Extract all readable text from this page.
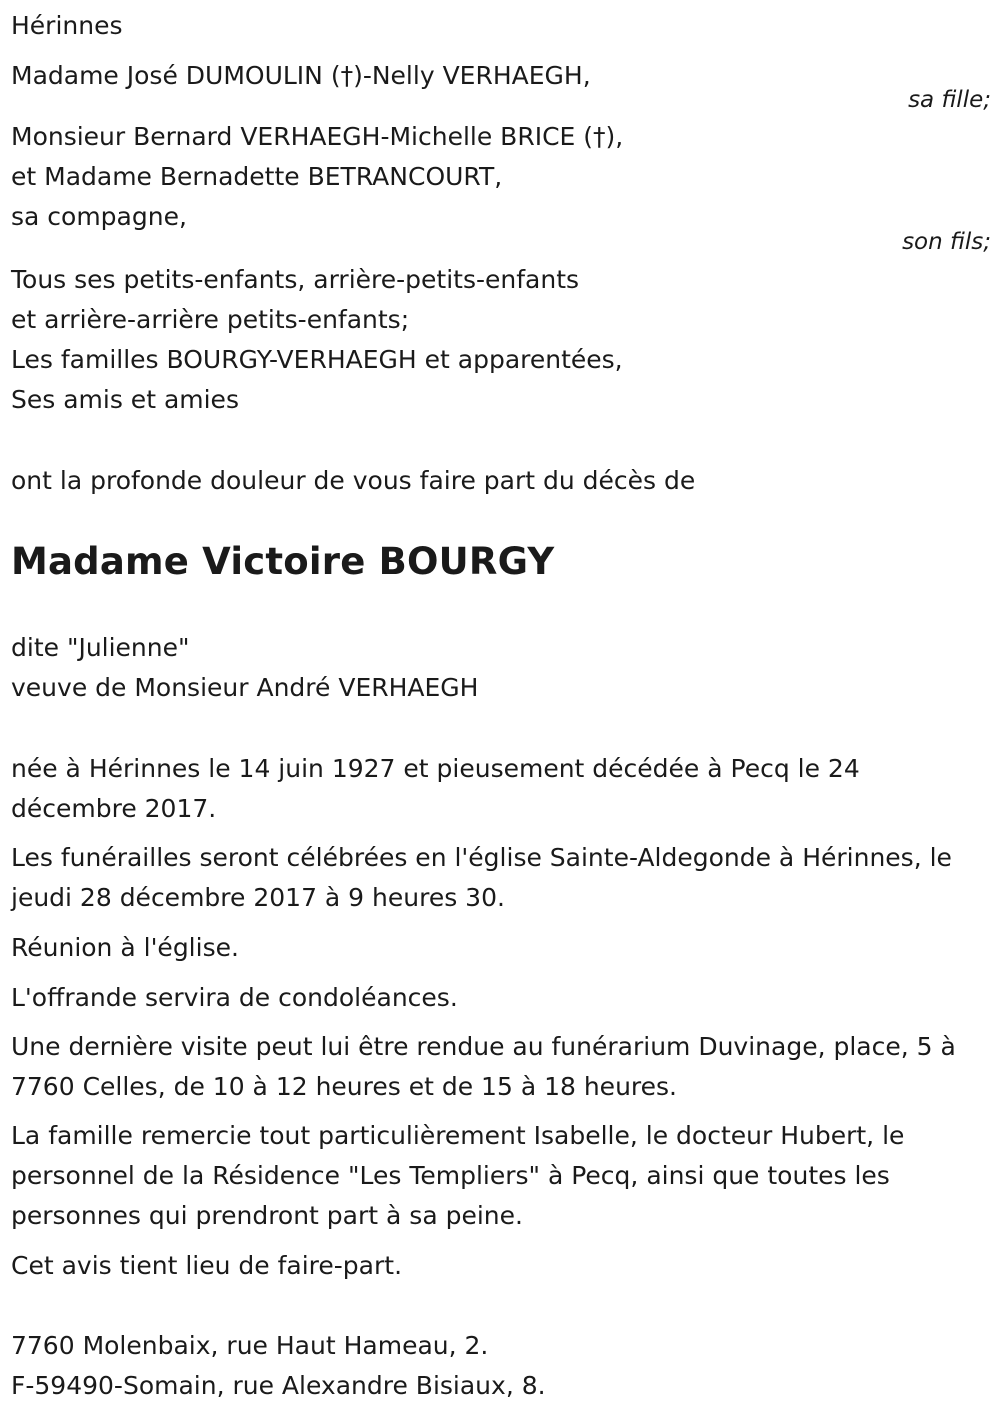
Hérinnes
Madame José DUMOULIN (†)-Nelly VERHAEGH,
sa fille;
Monsieur Bernard VERHAEGH-Michelle BRICE (†),
et Madame Bernadette BETRANCOURT,
sa compagne,
son fils;
Tous ses petits-enfants, arrière-petits-enfants
et arrière-arrière petits-enfants;
Les familles BOURGY-VERHAEGH et apparentées,
Ses amis et amies
ont la profonde douleur de vous faire part du décès de
Madame Victoire BOURGY
dite "Julienne"
veuve de Monsieur André VERHAEGH
née à Hérinnes le 14 juin 1927 et pieusement décédée à Pecq le 24 décembre 2017.
Les funérailles seront célébrées en l'église Sainte-Aldegonde à Hérinnes, le jeudi 28 décembre 2017 à 9 heures 30.
Réunion à l'église.
L'offrande servira de condoléances.
Une dernière visite peut lui être rendue au funérarium Duvinage, place, 5 à 7760 Celles, de 10 à 12 heures et de 15 à 18 heures.
La famille remercie tout particulièrement Isabelle, le docteur Hubert, le personnel de la Résidence "Les Templiers" à Pecq, ainsi que toutes les personnes qui prendront part à sa peine.
Cet avis tient lieu de faire-part.
7760 Molenbaix, rue Haut Hameau, 2.
F-59490-Somain, rue Alexandre Bisiaux, 8.
